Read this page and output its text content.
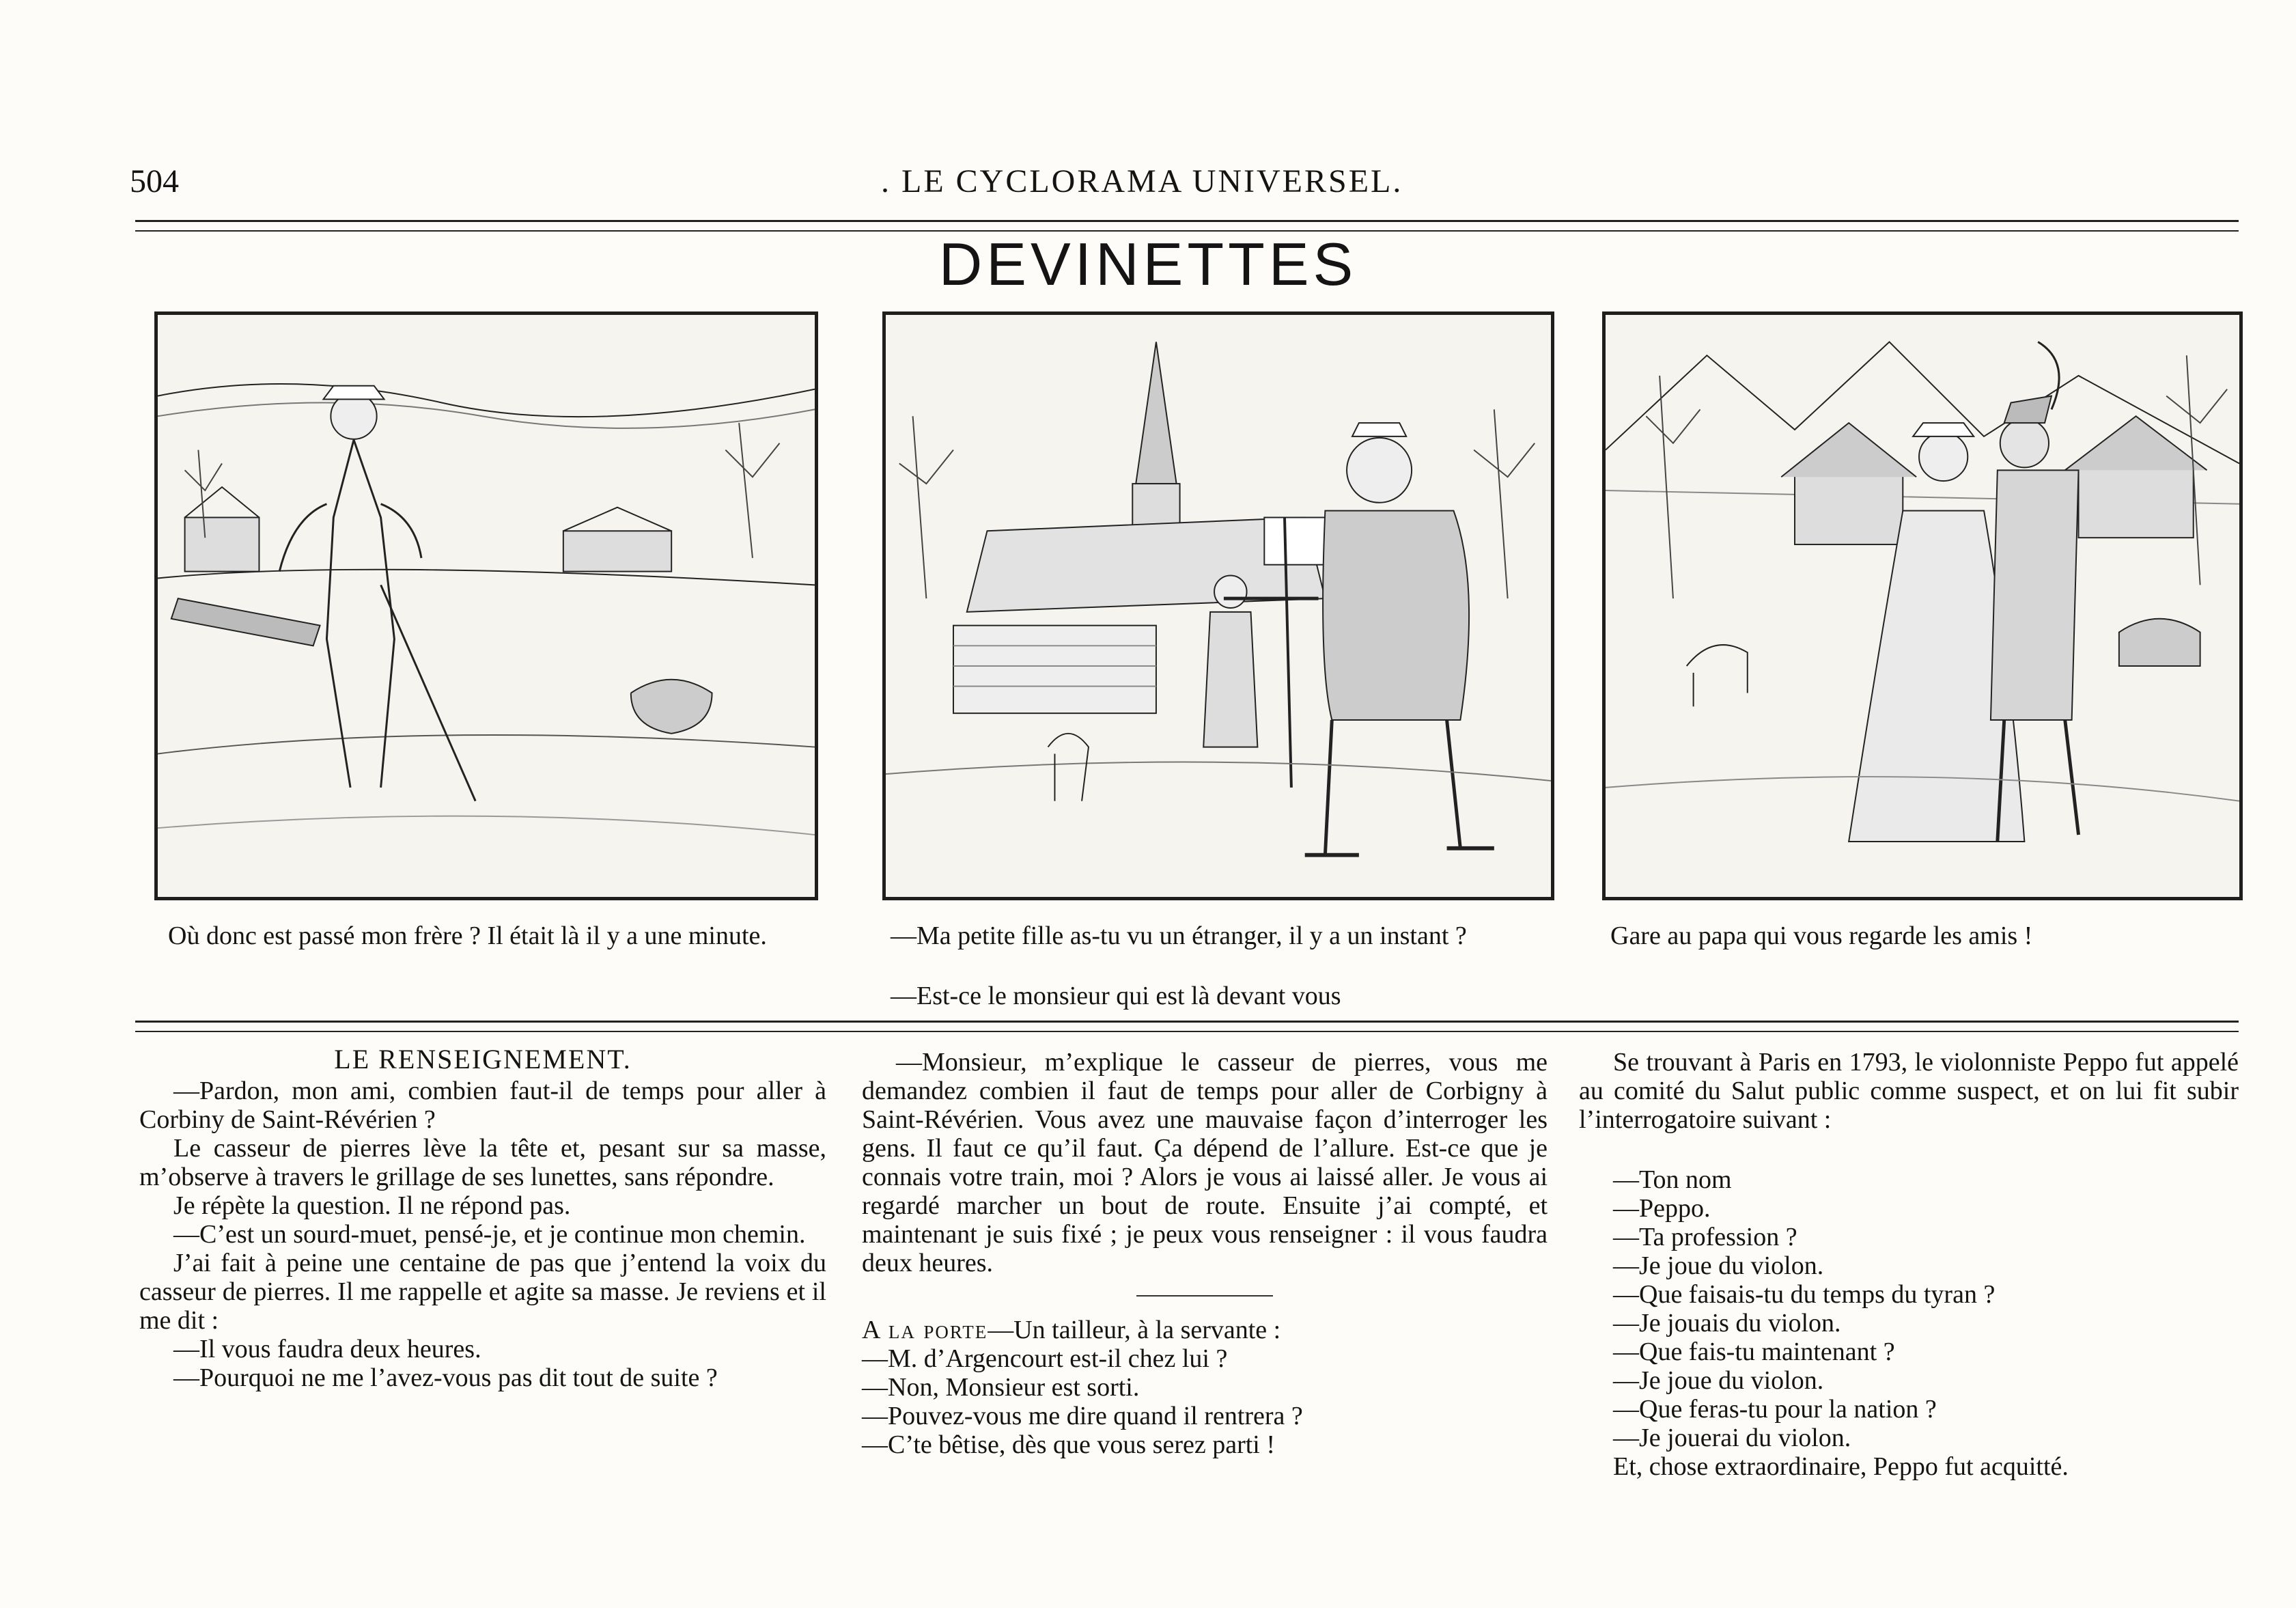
504	. LE CYCLORAMA UNIVERSEL.
DEVINETTES
Où donc est passé mon frère ? Il était là il y a une minute.	—Ma petite fille as-tu vu un étranger, il y a un instant ?
—Est-ce le monsieur qui est là devant vous
Gare au papa qui vous regarde les amis !
LE RENSEIGNEMENT.

—Pardon, mon ami, combien faut-il de temps pour aller à Corbiny de Saint-Révérien ?

Le casseur de pierres lève la tête et, pesant sur sa masse, m’observe à travers le grillage de ses lunettes, sans répondre.

Je répète la question. Il ne répond pas.

—C’est un sourd-muet, pensé-je, et je continue mon chemin.

J’ai fait à peine une centaine de pas que j’entend la voix du casseur de pierres. Il me rappelle et agite sa masse. Je reviens et il me dit :

—Il vous faudra deux heures.

—Pourquoi ne me l’avez-vous pas dit tout de suite ?

—Monsieur, m’explique le casseur de pierres, vous me demandez combien il faut de temps pour aller de Corbigny à Saint-Révérien. Vous avez une mauvaise façon d’interroger les gens. Il faut ce qu’il faut. Ça dépend de l’allure. Est-ce que je connais votre train, moi ? Alors je vous ai laissé aller. Je vous ai regardé marcher un bout de route. Ensuite j’ai compté, et maintenant je suis fixé ; je peux vous renseigner : il vous faudra deux heures.

A la porte—Un tailleur, à la servante :

—M. d’Argencourt est-il chez lui ?

—Non, Monsieur est sorti.

—Pouvez-vous me dire quand il rentrera ?

—C’te bêtise, dès que vous serez parti !

Se trouvant à Paris en 1793, le violonniste Peppo fut appelé au comité du Salut public comme suspect, et on lui fit subir l’interrogatoire suivant :

—Ton nom

—Peppo.

—Ta profession ?

—Je joue du violon.

—Que faisais-tu du temps du tyran ?

—Je jouais du violon.

—Que fais-tu maintenant ?

—Je joue du violon.

—Que feras-tu pour la nation ?

—Je jouerai du violon.

Et, chose extraordinaire, Peppo fut acquitté.
